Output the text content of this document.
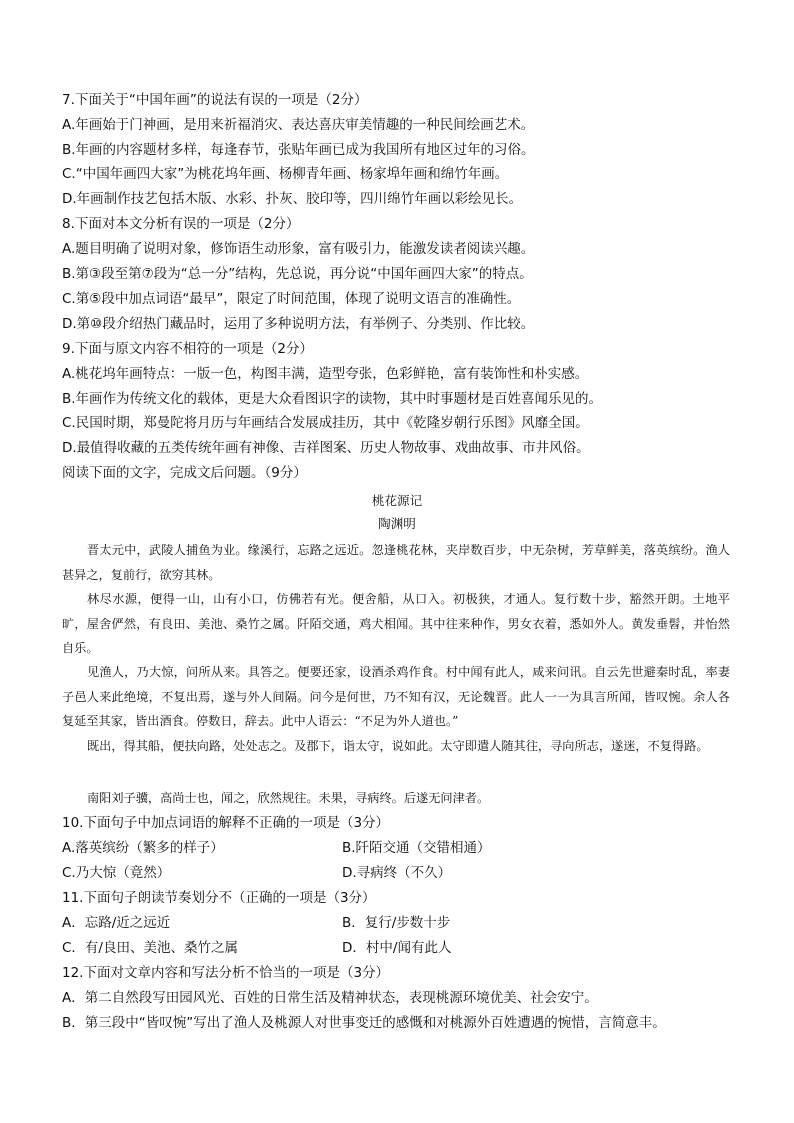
7.下面关于“中国年画”的说法有误的一项是（2分）
A.年画始于门神画，是用来祈福消灾、表达喜庆审美情趣的一种民间绘画艺术。
B.年画的内容题材多样，每逢春节，张贴年画已成为我国所有地区过年的习俗。
C.“中国年画四大家”为桃花坞年画、杨柳青年画、杨家埠年画和绵竹年画。
D.年画制作技艺包括木版、水彩、扑灰、胶印等，四川绵竹年画以彩绘见长。
8.下面对本文分析有误的一项是（2分）
A.题目明确了说明对象，修饰语生动形象，富有吸引力，能激发读者阅读兴趣。
B.第③段至第⑦段为“总一分”结构，先总说，再分说“中国年画四大家”的特点。
C.第⑤段中加点词语“最早”，限定了时间范围，体现了说明文语言的准确性。
D.第⑩段介绍热门藏品时，运用了多种说明方法，有举例子、分类别、作比较。
9.下面与原文内容不相符的一项是（2分）
A.桃花坞年画特点：一版一色，构图丰满，造型夸张，色彩鲜艳，富有装饰性和朴实感。
B.年画作为传统文化的载体，更是大众看图识字的读物，其中时事题材是百姓喜闻乐见的。
C.民国时期，郑曼陀将月历与年画结合发展成挂历，其中《乾隆岁朝行乐图》风靡全国。
D.最值得收藏的五类传统年画有神像、吉祥图案、历史人物故事、戏曲故事、市井风俗。
阅读下面的文字，完成文后问题。（9分）
桃花源记
陶渊明

晋太元中，武陵人捕鱼为业。缘溪行，忘路之远近。忽逢桃花林，夹岸数百步，中无杂树，芳草鲜美，落英缤纷。渔人甚异之，复前行，欲穷其林。

林尽水源，便得一山，山有小口，仿佛若有光。便舍船，从口入。初极狭，才通人。复行数十步，豁然开朗。土地平旷，屋舍俨然，有良田、美池、桑竹之属。阡陌交通，鸡犬相闻。其中往来种作，男女衣着，悉如外人。黄发垂髫，并怡然自乐。

见渔人，乃大惊，问所从来。具答之。便要还家，设酒杀鸡作食。村中闻有此人，咸来问讯。自云先世避秦时乱，率妻子邑人来此绝境，不复出焉，遂与外人间隔。问今是何世，乃不知有汉，无论魏晋。此人一一为具言所闻，皆叹惋。余人各复延至其家，皆出酒食。停数日，辞去。此中人语云：“不足为外人道也。”

既出，得其船，便扶向路，处处志之。及郡下，诣太守，说如此。太守即遣人随其往，寻向所志，遂迷，不复得路。

南阳刘子骥，高尚士也，闻之，欣然规往。未果，寻病终。后遂无问津者。

10.下面句子中加点词语的解释不正确的一项是（3分）
A.落英缤纷（繁多的样子）	B.阡陌交通（交错相通）
C.乃大惊（竟然）	D.寻病终（不久）
11.下面句子朗读节奏划分不（正确的一项是（3分）
A．忘路/近之远近	B．复行/步数十步
C．有/良田、美池、桑竹之属	D．村中/闻有此人
12.下面对文章内容和写法分析不恰当的一项是（3分）
A．第二自然段写田园风光、百姓的日常生活及精神状态，表现桃源环境优美、社会安宁。
B．第三段中“皆叹惋”写出了渔人及桃源人对世事变迁的感慨和对桃源外百姓遭遇的惋惜，言简意丰。
